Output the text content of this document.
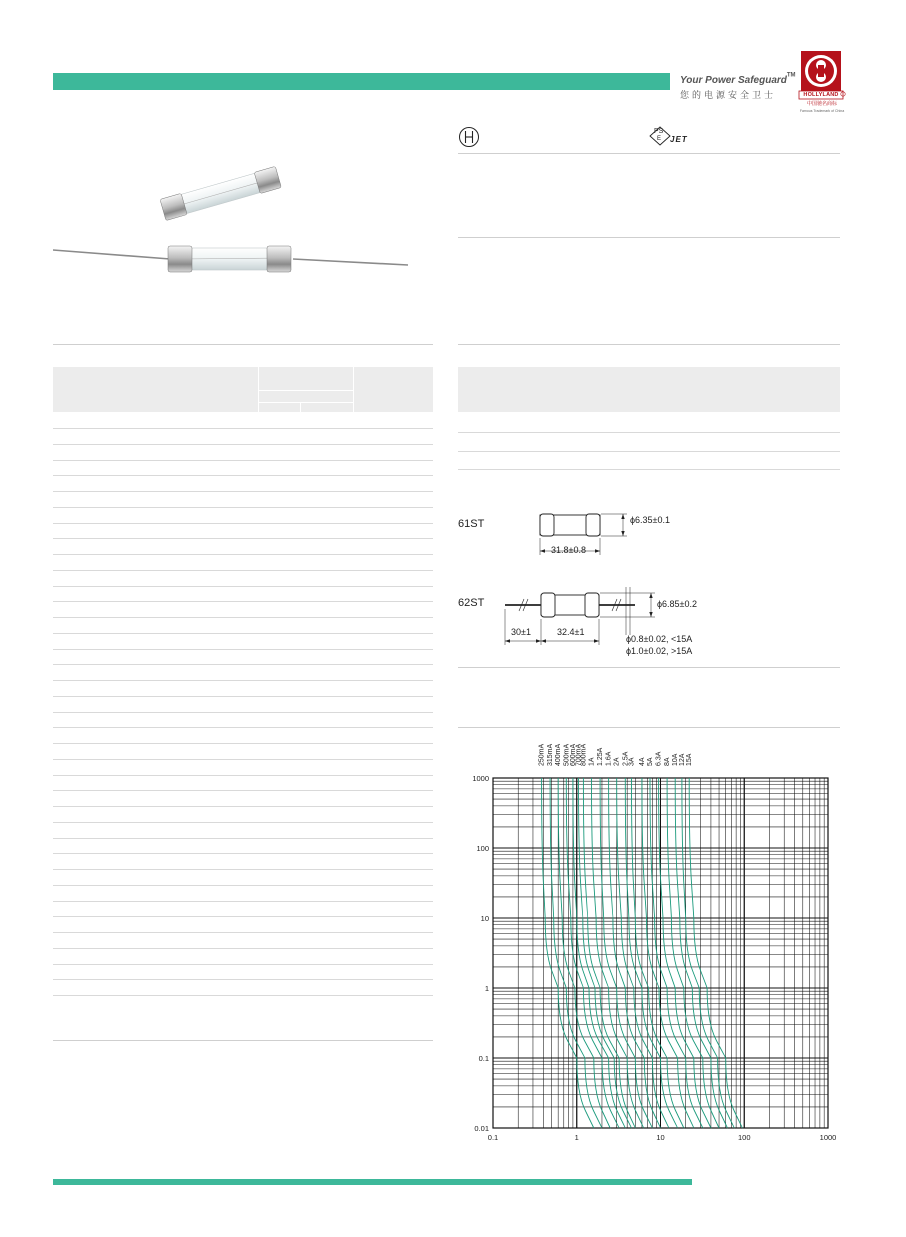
Your Power Safeguard™
您的电源安全卫士	HOLLYLAND
中国驰名商标
Famous Trademark of China
PS
E JET
61ST
62ST
ϕ6.35±0.1
31.8±0.8
ϕ6.85±0.2
30±1	32.4±1
ϕ0.8±0.02, <15A
ϕ1.0±0.02, >15A
0.1	1	10	100	1000
1000
100
10
1
0.1
0.01
250mA 315mA 400mA 500mA 600mA
700mA
800mA 1A 1.25A 1.6A 2A 2.5A 3A 4A 5A 6.3A 8A 10A 12A 15A
